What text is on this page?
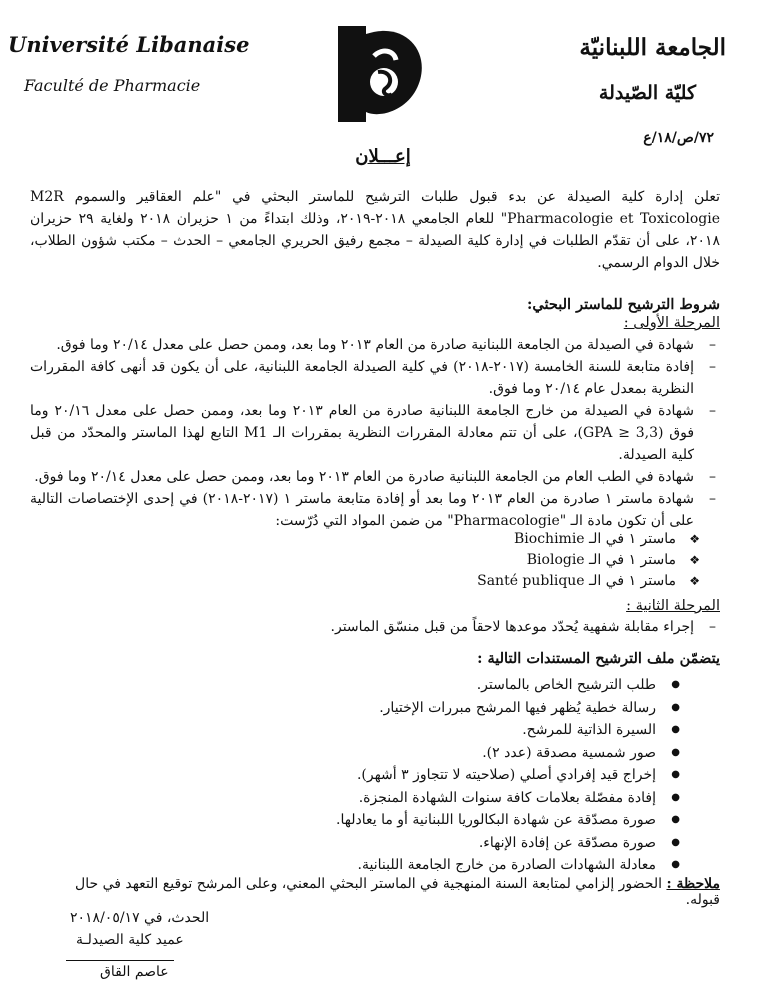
Université Libanaise
Faculté de Pharmacie
الجامعة اللبنانيّة
كليّة الصّيدلة
٧٢/ص/١٨/ع
إعـــلان
تعلن إدارة كلية الصيدلة عن بدء قبول طلبات الترشيح للماستر البحثي في "علم العقاقير والسموم M2R Pharmacologie et Toxicologie" للعام الجامعي ٢٠١٨-٢٠١٩، وذلك ابتداءً من ١ حزيران ٢٠١٨ ولغاية ٢٩ حزيران ٢٠١٨، على أن تقدّم الطلبات في إدارة كلية الصيدلة – مجمع رفيق الحريري الجامعي – الحدث – مكتب شؤون الطلاب، خلال الدوام الرسمي.
شروط الترشيح للماستر البحثي:
المرحلة الأولى :
– شهادة في الصيدلة من الجامعة اللبنانية صادرة من العام ٢٠١٣ وما بعد، وممن حصل على معدل ٢٠/١٤ وما فوق.
– إفادة متابعة للسنة الخامسة (٢٠١٧-٢٠١٨) في كلية الصيدلة الجامعة اللبنانية، على أن يكون قد أنهى كافة المقررات النظرية بمعدل عام ٢٠/١٤ وما فوق.
– شهادة في الصيدلة من خارج الجامعة اللبنانية صادرة من العام ٢٠١٣ وما بعد، وممن حصل على معدل ٢٠/١٦ وما فوق (GPA ≥ 3,3)، على أن تتم معادلة المقررات النظرية بمقررات الـ M1 التابع لهذا الماستر والمحدّد من قبل كلية الصيدلة.
– شهادة في الطب العام من الجامعة اللبنانية صادرة من العام ٢٠١٣ وما بعد، وممن حصل على معدل ٢٠/١٤ وما فوق.
– شهادة ماستر ١ صادرة من العام ٢٠١٣ وما بعد أو إفادة متابعة ماستر ١ (٢٠١٧-٢٠١٨) في إحدى الإختصاصات التالية على أن تكون مادة الـ "Pharmacologie" من ضمن المواد التي دُرّست:
❖ ماستر ١ في الـ Biochimie
❖ ماستر ١ في الـ Biologie
❖ ماستر ١ في الـ Santé publique
المرحلة الثانية :
– إجراء مقابلة شفهية يُحدّد موعدها لاحقاً من قبل منسّق الماستر.
يتضمّن ملف الترشيح المستندات التالية :
● طلب الترشيح الخاص بالماستر.
● رسالة خطية يُظهر فيها المرشح مبررات الإختيار.
● السيرة الذاتية للمرشح.
● صور شمسية مصدقة (عدد ٢).
● إخراج قيد إفرادي أصلي (صلاحيته لا تتجاوز ٣ أشهر).
● إفادة مفصّلة بعلامات كافة سنوات الشهادة المنجزة.
● صورة مصدّقة عن شهادة البكالوريا اللبنانية أو ما يعادلها.
● صورة مصدّقة عن إفادة الإنهاء.
● معادلة الشهادات الصادرة من خارج الجامعة اللبنانية.
ملاحظة : الحضور إلزامي لمتابعة السنة المنهجية في الماستر البحثي المعني، وعلى المرشح توقيع التعهد في حال قبوله.
الحدث، في ٢٠١٨/٠٥/١٧
عميد كلية الصيدلـة
عاصم القاق
